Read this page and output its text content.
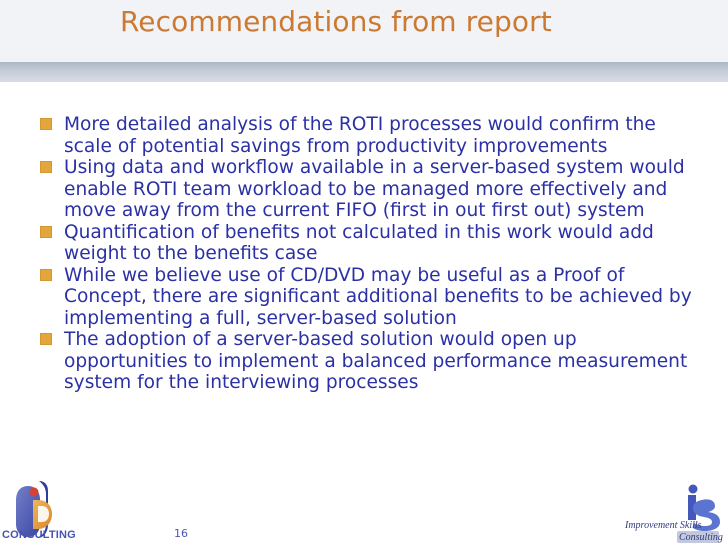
Recommendations from report
More detailed analysis of the ROTI processes would confirm the scale of potential savings from productivity improvements
Using data and workflow available in a server-based system would enable ROTI team workload to be managed more effectively and move away from the current FIFO (first in out first out) system
Quantification of benefits not calculated in this work would add weight to the benefits case
While we believe use of CD/DVD may be useful as a Proof of Concept, there are significant additional benefits to be achieved by implementing a full, server-based solution
The adoption of a server-based solution would open up opportunities to implement a balanced performance measurement system for the interviewing processes
CONSULTING	16
Improvement Skills
Consulting
